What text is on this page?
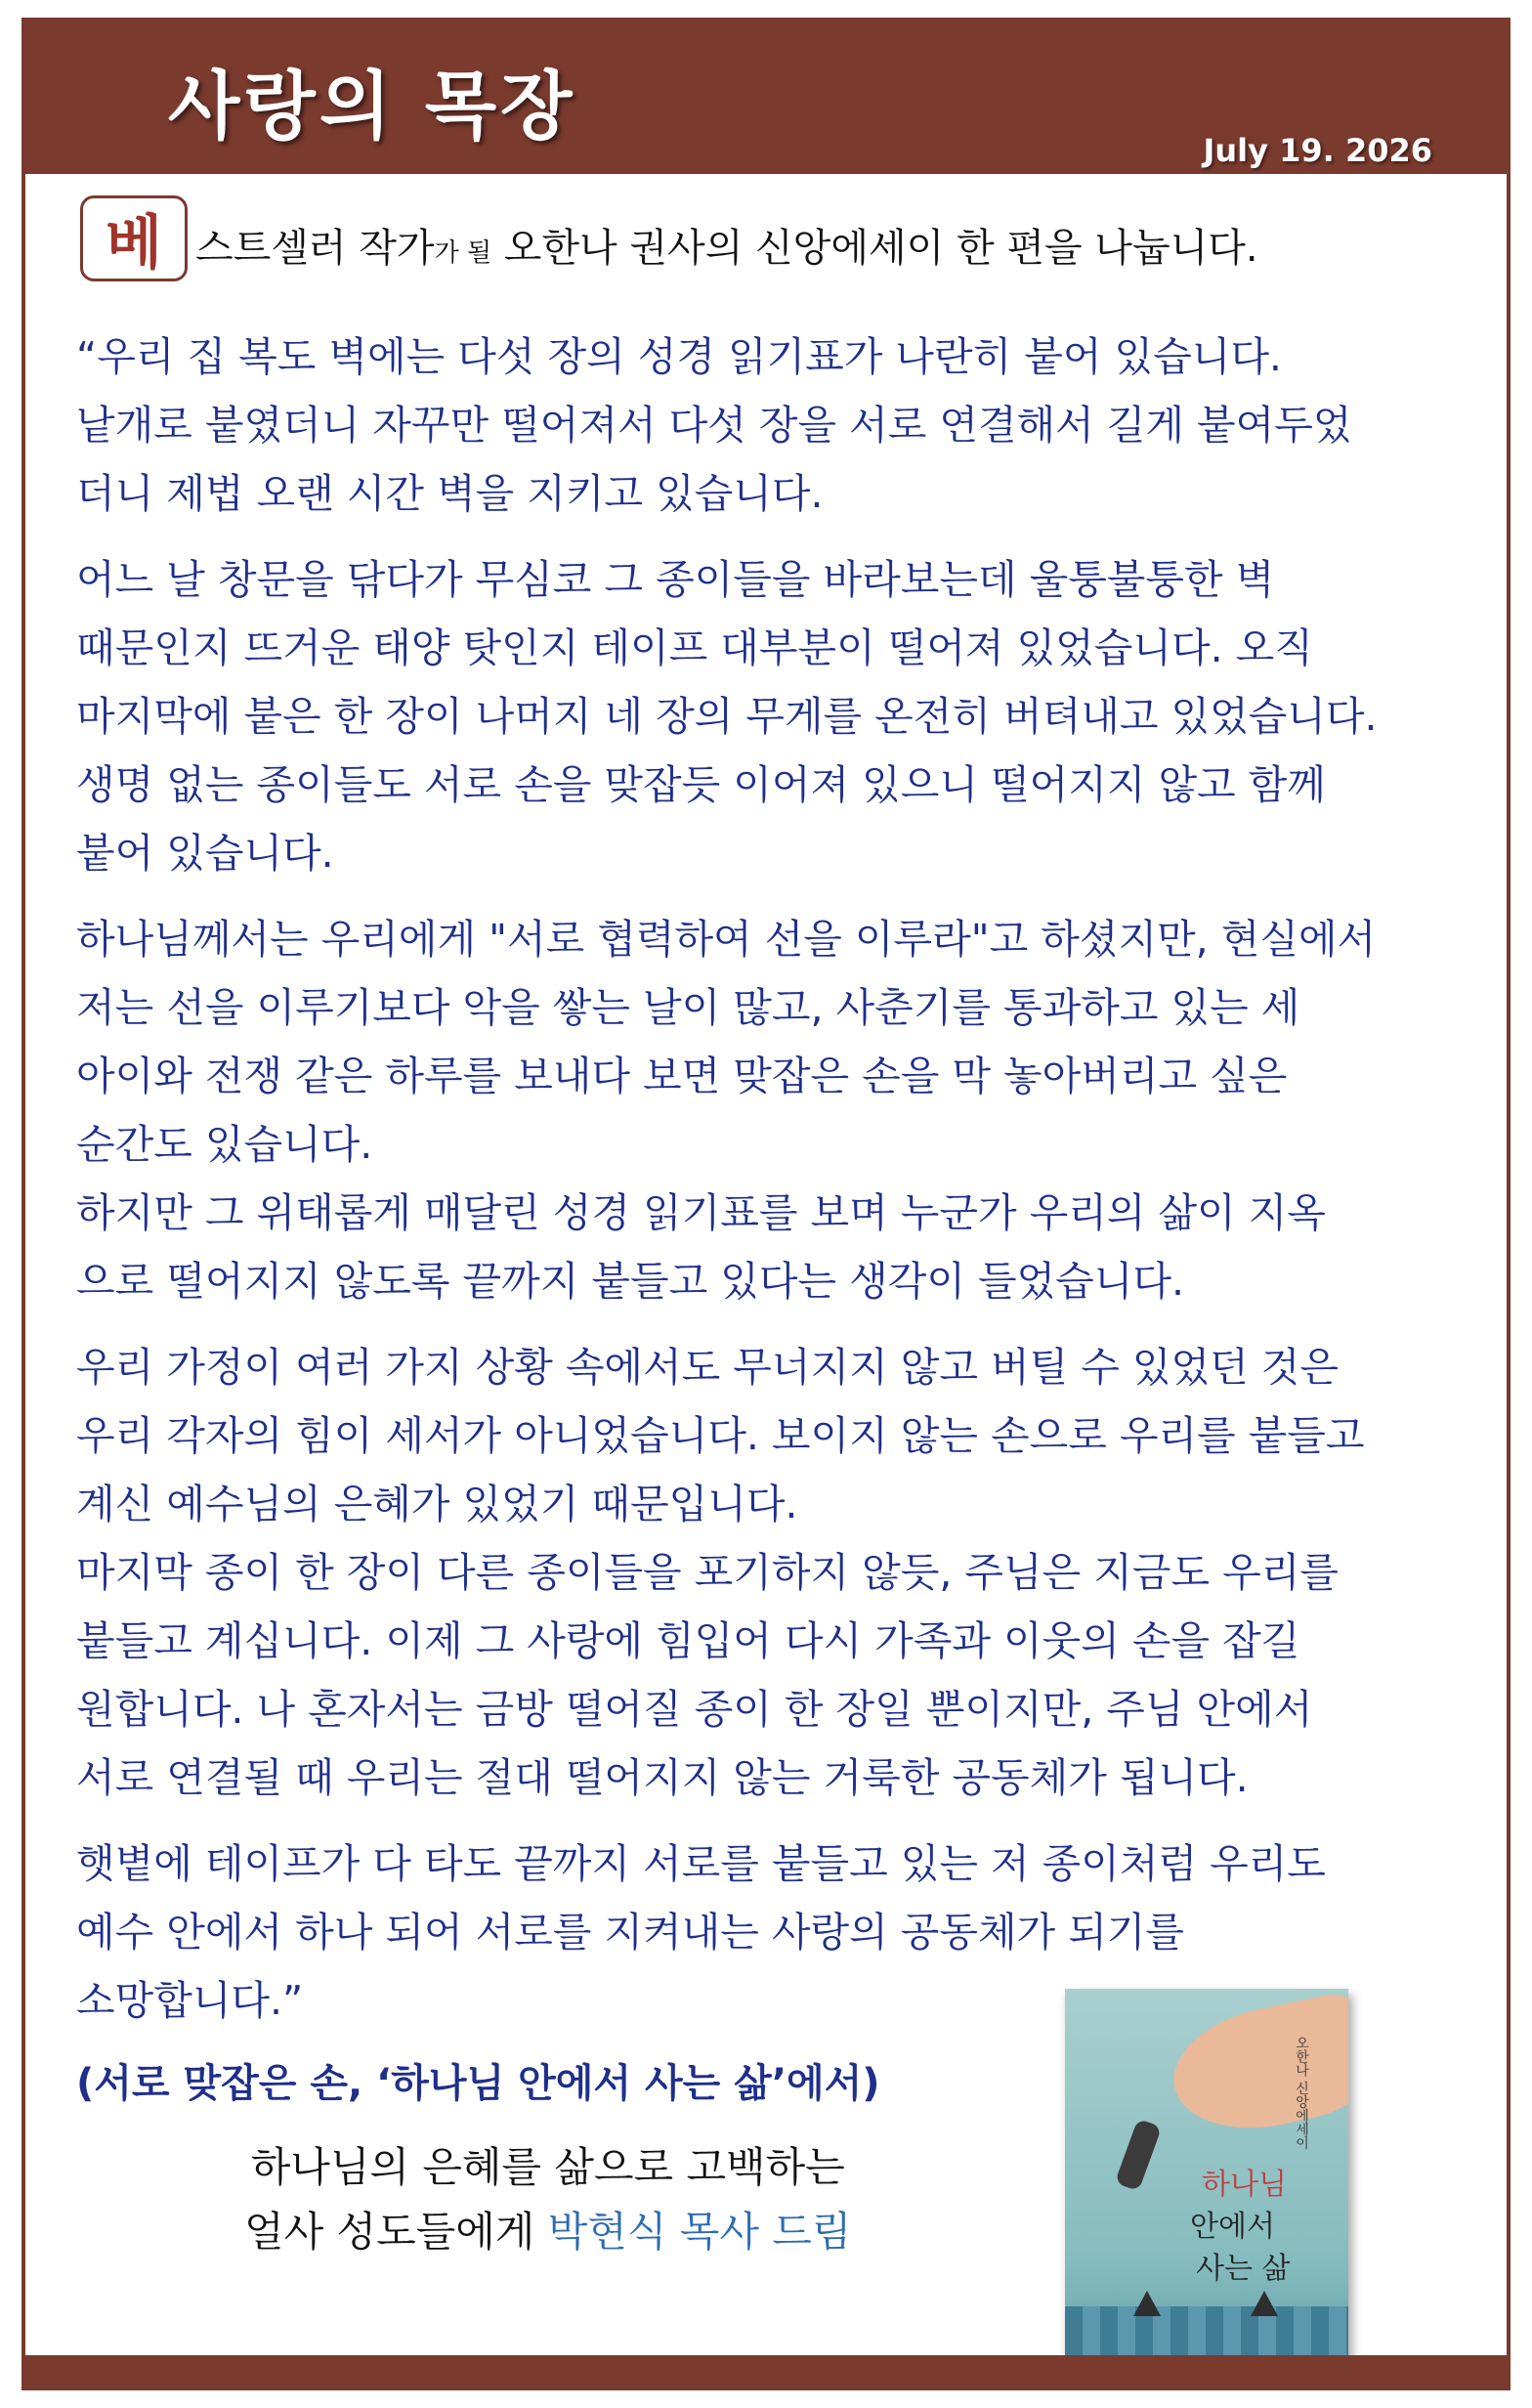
사랑의 목장
July 19. 2026
베 스트셀러 작가가 될 오한나 권사의 신앙에세이 한 편을 나눕니다.

“우리 집 복도 벽에는 다섯 장의 성경 읽기표가 나란히 붙어 있습니다.
낱개로 붙였더니 자꾸만 떨어져서 다섯 장을 서로 연결해서 길게 붙여두었
더니 제법 오랜 시간 벽을 지키고 있습니다.

어느 날 창문을 닦다가 무심코 그 종이들을 바라보는데 울퉁불퉁한 벽
때문인지 뜨거운 태양 탓인지 테이프 대부분이 떨어져 있었습니다. 오직
마지막에 붙은 한 장이 나머지 네 장의 무게를 온전히 버텨내고 있었습니다.
생명 없는 종이들도 서로 손을 맞잡듯 이어져 있으니 떨어지지 않고 함께
붙어 있습니다.

하나님께서는 우리에게 "서로 협력하여 선을 이루라"고 하셨지만, 현실에서
저는 선을 이루기보다 악을 쌓는 날이 많고, 사춘기를 통과하고 있는 세
아이와 전쟁 같은 하루를 보내다 보면 맞잡은 손을 막 놓아버리고 싶은
순간도 있습니다.
하지만 그 위태롭게 매달린 성경 읽기표를 보며 누군가 우리의 삶이 지옥
으로 떨어지지 않도록 끝까지 붙들고 있다는 생각이 들었습니다.

우리 가정이 여러 가지 상황 속에서도 무너지지 않고 버틸 수 있었던 것은
우리 각자의 힘이 세서가 아니었습니다. 보이지 않는 손으로 우리를 붙들고
계신 예수님의 은혜가 있었기 때문입니다.
마지막 종이 한 장이 다른 종이들을 포기하지 않듯, 주님은 지금도 우리를
붙들고 계십니다. 이제 그 사랑에 힘입어 다시 가족과 이웃의 손을 잡길
원합니다. 나 혼자서는 금방 떨어질 종이 한 장일 뿐이지만, 주님 안에서
서로 연결될 때 우리는 절대 떨어지지 않는 거룩한 공동체가 됩니다.

햇볕에 테이프가 다 타도 끝까지 서로를 붙들고 있는 저 종이처럼 우리도
예수 안에서 하나 되어 서로를 지켜내는 사랑의 공동체가 되기를
소망합니다.”

(서로 맞잡은 손, ‘하나님 안에서 사는 삶’에서)
하나님의 은혜를 삶으로 고백하는
얼사 성도들에게 박현식 목사 드림
오한나 신앙에세이
하나님
안에서
사는 삶
